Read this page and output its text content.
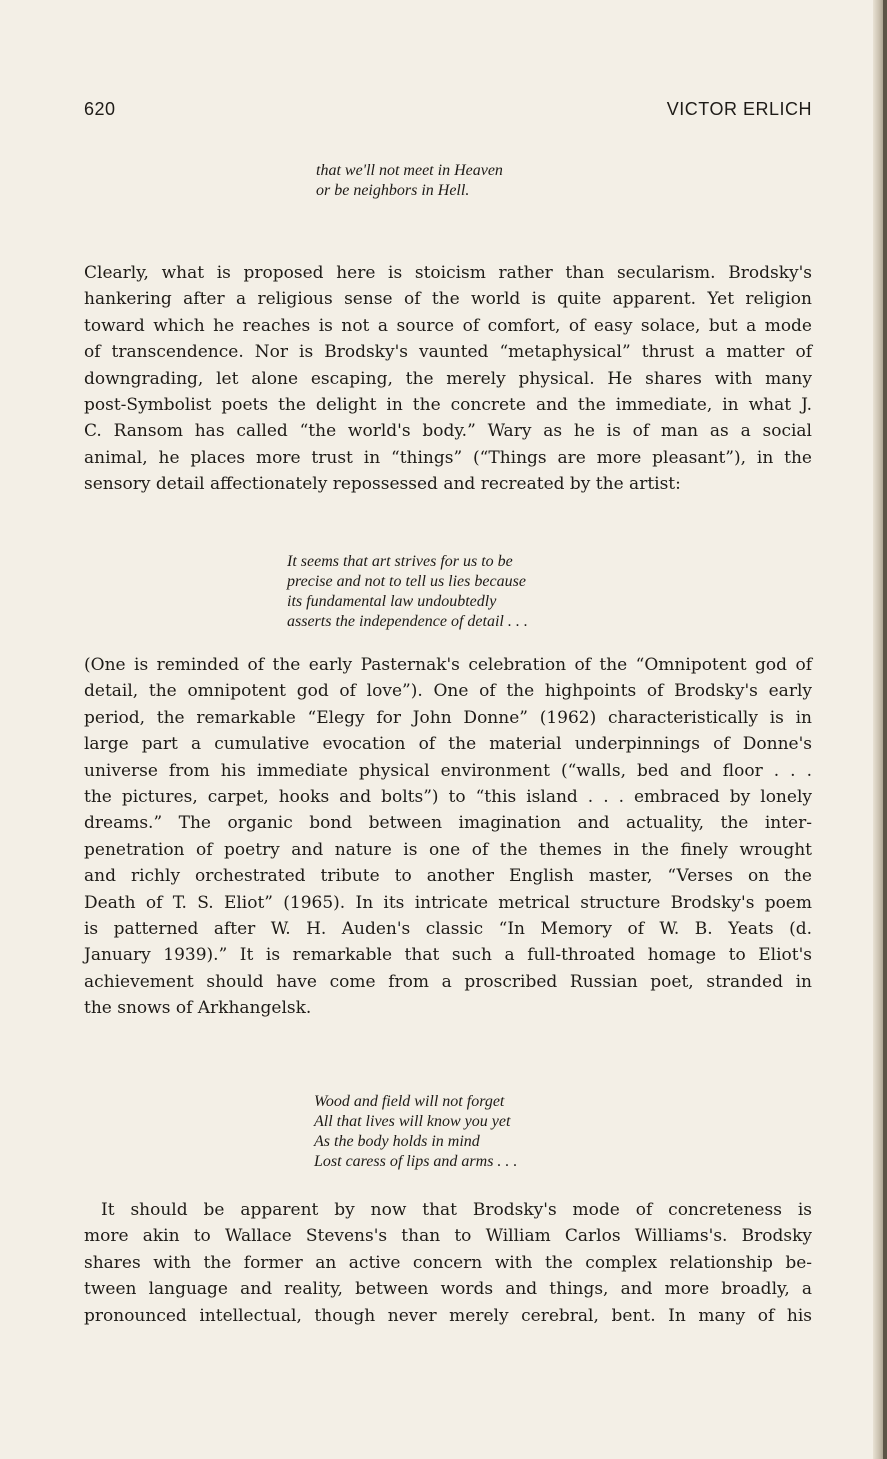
620	VICTOR ERLICH
that we'll not meet in Heaven
or be neighbors in Hell.
Clearly, what is proposed here is stoicism rather than secularism. Brodsky's
hankering after a religious sense of the world is quite apparent. Yet religion
toward which he reaches is not a source of comfort, of easy solace, but a mode
of transcendence. Nor is Brodsky's vaunted “metaphysical” thrust a matter of
downgrading, let alone escaping, the merely physical. He shares with many
post-Symbolist poets the delight in the concrete and the immediate, in what J.
C. Ransom has called “the world's body.” Wary as he is of man as a social
animal, he places more trust in “things” (“Things are more pleasant”), in the
sensory detail affectionately repossessed and recreated by the artist:
It seems that art strives for us to be
precise and not to tell us lies because
its fundamental law undoubtedly
asserts the independence of detail . . .
(One is reminded of the early Pasternak's celebration of the “Omnipotent god of
detail, the omnipotent god of love”). One of the highpoints of Brodsky's early
period, the remarkable “Elegy for John Donne” (1962) characteristically is in
large part a cumulative evocation of the material underpinnings of Donne's
universe from his immediate physical environment (“walls, bed and floor . . .
the pictures, carpet, hooks and bolts”) to “this island . . . embraced by lonely
dreams.” The organic bond between imagination and actuality, the inter-
penetration of poetry and nature is one of the themes in the finely wrought
and richly orchestrated tribute to another English master, “Verses on the
Death of T. S. Eliot” (1965). In its intricate metrical structure Brodsky's poem
is patterned after W. H. Auden's classic “In Memory of W. B. Yeats (d.
January 1939).” It is remarkable that such a full-throated homage to Eliot's
achievement should have come from a proscribed Russian poet, stranded in
the snows of Arkhangelsk.
Wood and field will not forget
All that lives will know you yet
As the body holds in mind
Lost caress of lips and arms . . .
 It should be apparent by now that Brodsky's mode of concreteness is
more akin to Wallace Stevens's than to William Carlos Williams's. Brodsky
shares with the former an active concern with the complex relationship be-
tween language and reality, between words and things, and more broadly, a
pronounced intellectual, though never merely cerebral, bent. In many of his
